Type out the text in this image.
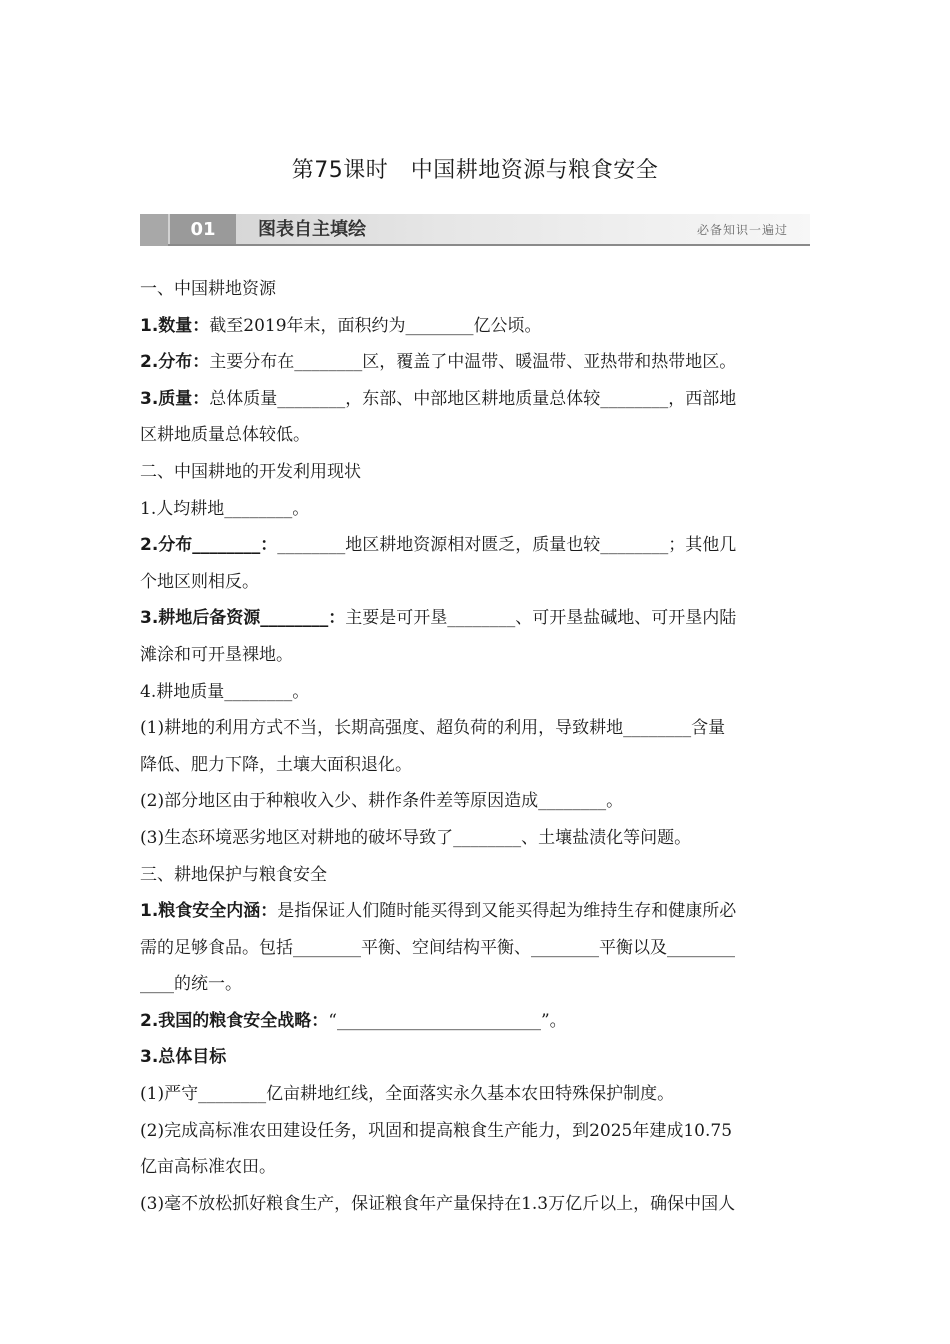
第75课时　中国耕地资源与粮食安全
01	图表自主填绘	必备知识一遍过

一、中国耕地资源

1.数量：截至2019年末，面积约为________亿公顷。

2.分布：主要分布在________区，覆盖了中温带、暖温带、亚热带和热带地区。

3.质量：总体质量________，东部、中部地区耕地质量总体较________，西部地

区耕地质量总体较低。

二、中国耕地的开发利用现状

1.人均耕地________。

2.分布________：________地区耕地资源相对匮乏，质量也较________；其他几

个地区则相反。

3.耕地后备资源________：主要是可开垦________、可开垦盐碱地、可开垦内陆

滩涂和可开垦裸地。

4.耕地质量________。

(1)耕地的利用方式不当，长期高强度、超负荷的利用，导致耕地________含量

降低、肥力下降，土壤大面积退化。

(2)部分地区由于种粮收入少、耕作条件差等原因造成________。

(3)生态环境恶劣地区对耕地的破坏导致了________、土壤盐渍化等问题。

三、耕地保护与粮食安全

1.粮食安全内涵：是指保证人们随时能买得到又能买得起为维持生存和健康所必

需的足够食品。包括________平衡、空间结构平衡、________平衡以及________

____的统一。

2.我国的粮食安全战略：“________________________”。

3.总体目标

(1)严守________亿亩耕地红线，全面落实永久基本农田特殊保护制度。

(2)完成高标准农田建设任务，巩固和提高粮食生产能力，到2025年建成10.75

亿亩高标准农田。

(3)毫不放松抓好粮食生产，保证粮食年产量保持在1.3万亿斤以上，确保中国人
